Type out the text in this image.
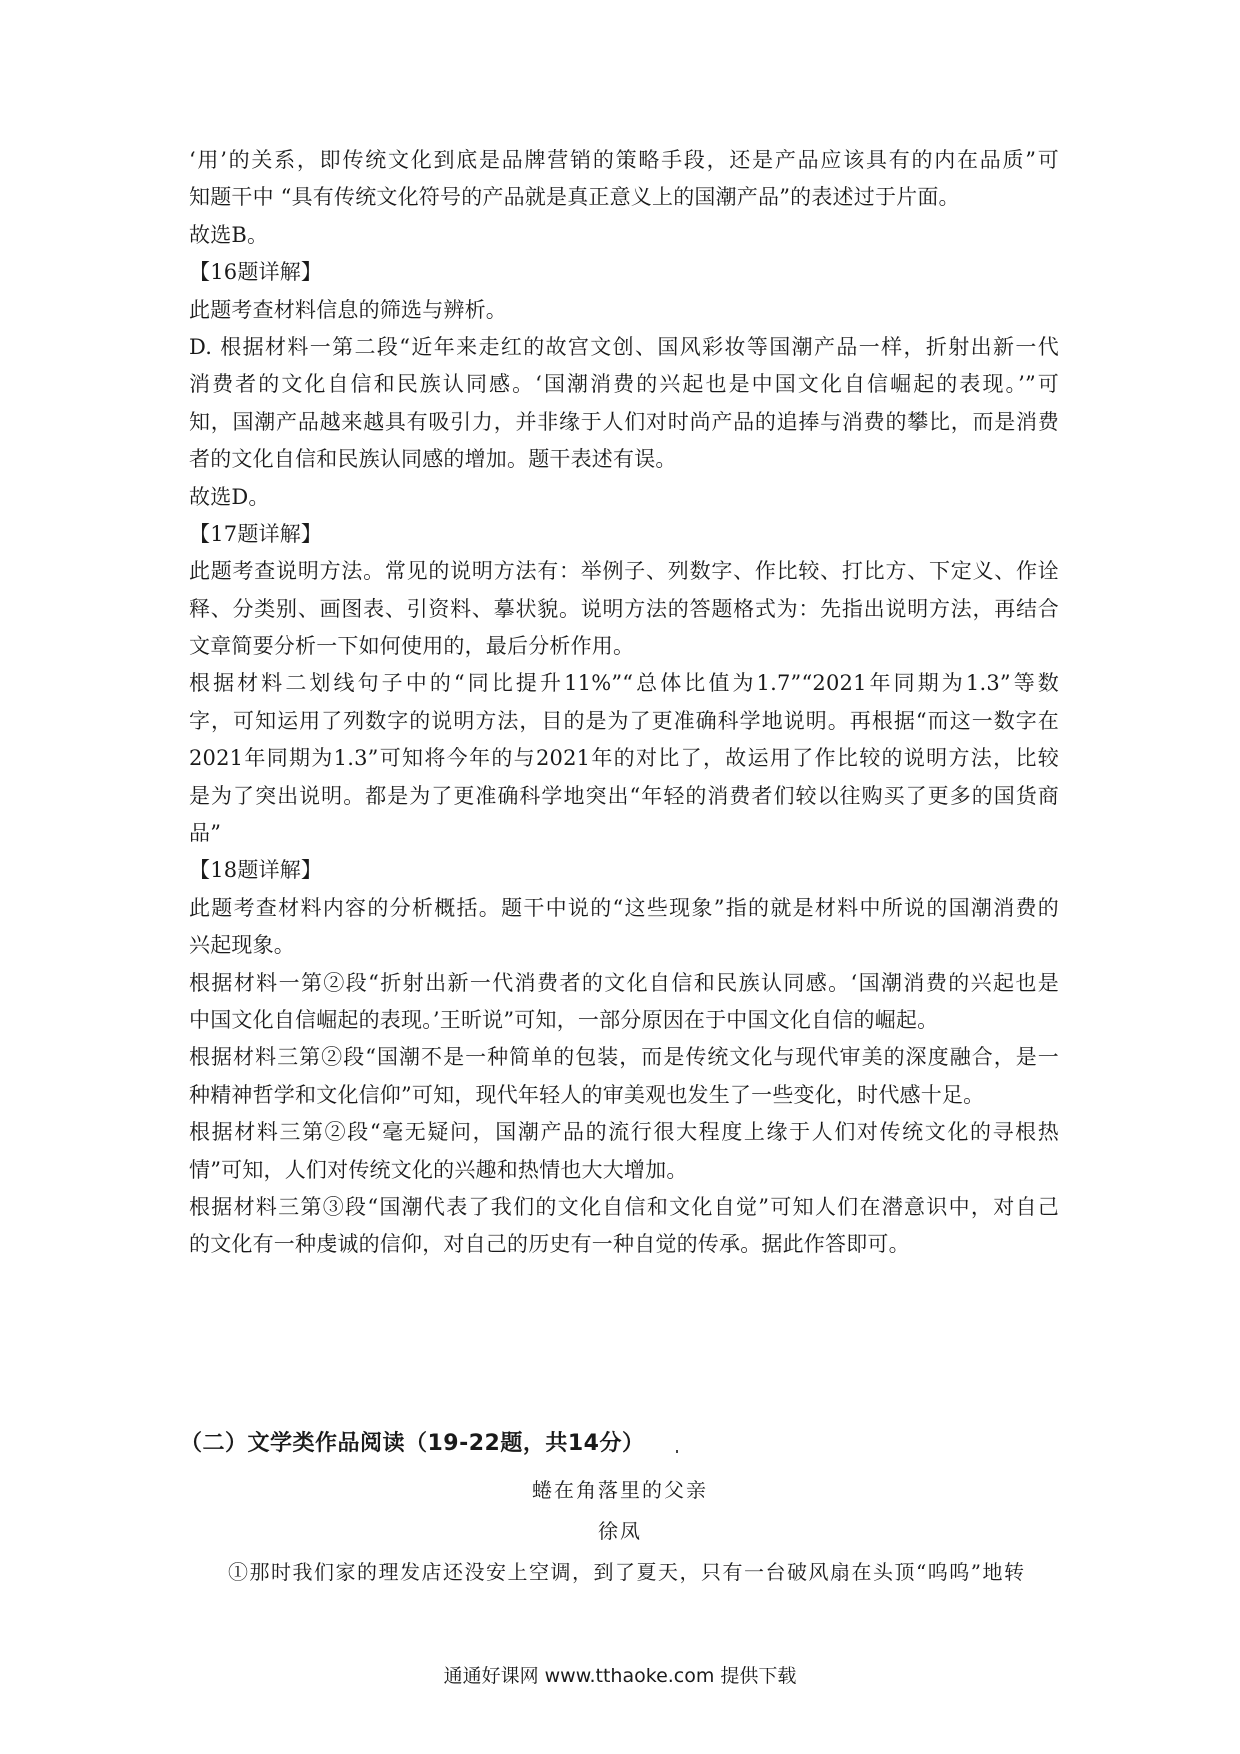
‘用’的关系，即传统文化到底是品牌营销的策略手段，还是产品应该具有的内在品质”可
知题干中 “具有传统文化符号的产品就是真正意义上的国潮产品”的表述过于片面。
故选B。
【16题详解】
此题考查材料信息的筛选与辨析。
D. 根据材料一第二段“近年来走红的故宫文创、国风彩妆等国潮产品一样，折射出新一代
消费者的文化自信和民族认同感。‘国潮消费的兴起也是中国文化自信崛起的表现。’”可
知，国潮产品越来越具有吸引力，并非缘于人们对时尚产品的追捧与消费的攀比，而是消费
者的文化自信和民族认同感的增加。题干表述有误。
故选D。
【17题详解】
此题考查说明方法。常见的说明方法有：举例子、列数字、作比较、打比方、下定义、作诠
释、分类别、画图表、引资料、摹状貌。说明方法的答题格式为：先指出说明方法，再结合
文章简要分析一下如何使用的，最后分析作用。
根据材料二划线句子中的“同比提升11%”“总体比值为1.7”“2021年同期为1.3”等数
字，可知运用了列数字的说明方法，目的是为了更准确科学地说明。再根据“而这一数字在
2021年同期为1.3”可知将今年的与2021年的对比了，故运用了作比较的说明方法，比较
是为了突出说明。都是为了更准确科学地突出“年轻的消费者们较以往购买了更多的国货商
品”
【18题详解】
此题考查材料内容的分析概括。题干中说的“这些现象”指的就是材料中所说的国潮消费的
兴起现象。
根据材料一第②段“折射出新一代消费者的文化自信和民族认同感。‘国潮消费的兴起也是
中国文化自信崛起的表现。’王昕说”可知，一部分原因在于中国文化自信的崛起。
根据材料三第②段“国潮不是一种简单的包装，而是传统文化与现代审美的深度融合，是一
种精神哲学和文化信仰”可知，现代年轻人的审美观也发生了一些变化，时代感十足。
根据材料三第②段“毫无疑问，国潮产品的流行很大程度上缘于人们对传统文化的寻根热
情”可知，人们对传统文化的兴趣和热情也大大增加。
根据材料三第③段“国潮代表了我们的文化自信和文化自觉”可知人们在潜意识中，对自己
的文化有一种虔诚的信仰，对自己的历史有一种自觉的传承。据此作答即可。
（二）文学类作品阅读（19-22题，共14分）
蜷在角落里的父亲
徐凤
①那时我们家的理发店还没安上空调，到了夏天，只有一台破风扇在头顶“呜呜”地转
通通好课网 www.tthaoke.com 提供下载
